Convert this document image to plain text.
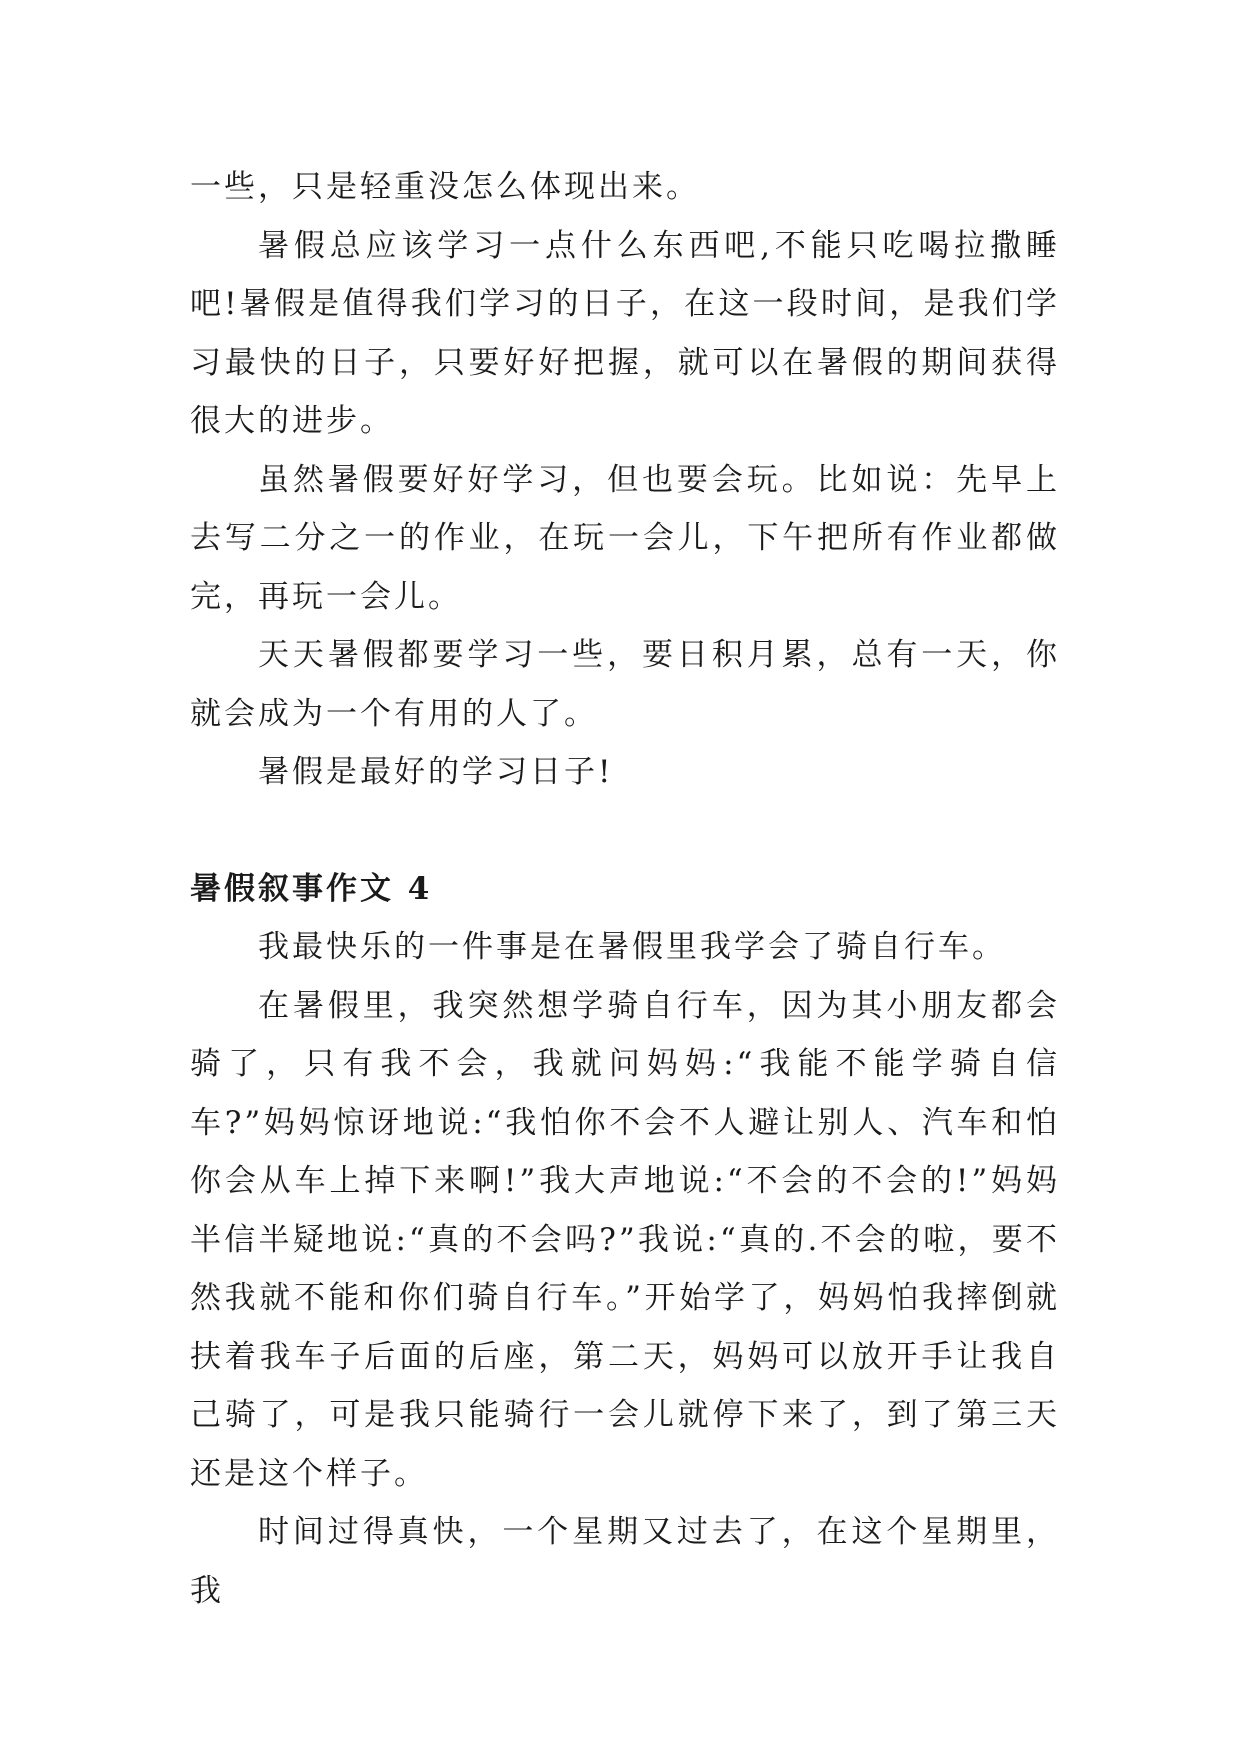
一些，只是轻重没怎么体现出来。

暑假总应该学习一点什么东西吧,不能只吃喝拉撒睡吧!暑假是值得我们学习的日子，在这一段时间，是我们学习最快的日子，只要好好把握，就可以在暑假的期间获得很大的进步。

虽然暑假要好好学习，但也要会玩。比如说：先早上去写二分之一的作业，在玩一会儿，下午把所有作业都做完，再玩一会儿。

天天暑假都要学习一些，要日积月累，总有一天，你就会成为一个有用的人了。

暑假是最好的学习日子!

暑假叙事作文 4

我最快乐的一件事是在暑假里我学会了骑自行车。

在暑假里，我突然想学骑自行车，因为其小朋友都会骑了，只有我不会，我就问妈妈:“我能不能学骑自信车?”妈妈惊讶地说:“我怕你不会不人避让别人、汽车和怕你会从车上掉下来啊!”我大声地说:“不会的不会的!”妈妈半信半疑地说:“真的不会吗?”我说:“真的.不会的啦，要不然我就不能和你们骑自行车。”开始学了，妈妈怕我摔倒就扶着我车子后面的后座，第二天，妈妈可以放开手让我自己骑了，可是我只能骑行一会儿就停下来了，到了第三天还是这个样子。

时间过得真快，一个星期又过去了，在这个星期里，我
